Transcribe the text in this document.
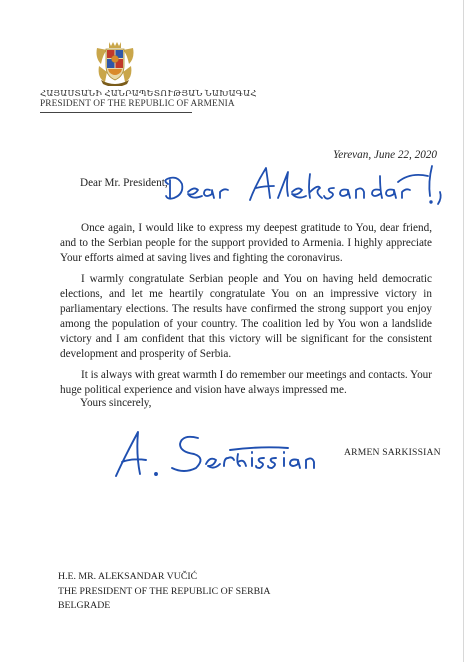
ՀԱՅԱՍՏԱՆԻ ՀԱՆՐԱՊԵՏՈՒԹՅԱՆ ՆԱԽԱԳԱՀ
PRESIDENT OF THE REPUBLIC OF ARMENIA
Yerevan, June 22, 2020
Dear Mr. President,

Once again, I would like to express my deepest gratitude to You, dear friend, and to the Serbian people for the support provided to Armenia. I highly appreciate Your efforts aimed at saving lives and fighting the coronavirus.

I warmly congratulate Serbian people and You on having held democratic elections, and let me heartily congratulate You on an impressive victory in parliamentary elections. The results have confirmed the strong support you enjoy among the population of your country. The coalition led by You won a landslide victory and I am confident that this victory will be significant for the consistent development and prosperity of Serbia.

It is always with great warmth I do remember our meetings and contacts. Your huge political experience and vision have always impressed me.

Yours sincerely,
ARMEN SARKISSIAN
H.E. MR. ALEKSANDAR VUČIĆ
THE PRESIDENT OF THE REPUBLIC OF SERBIA
BELGRADE
